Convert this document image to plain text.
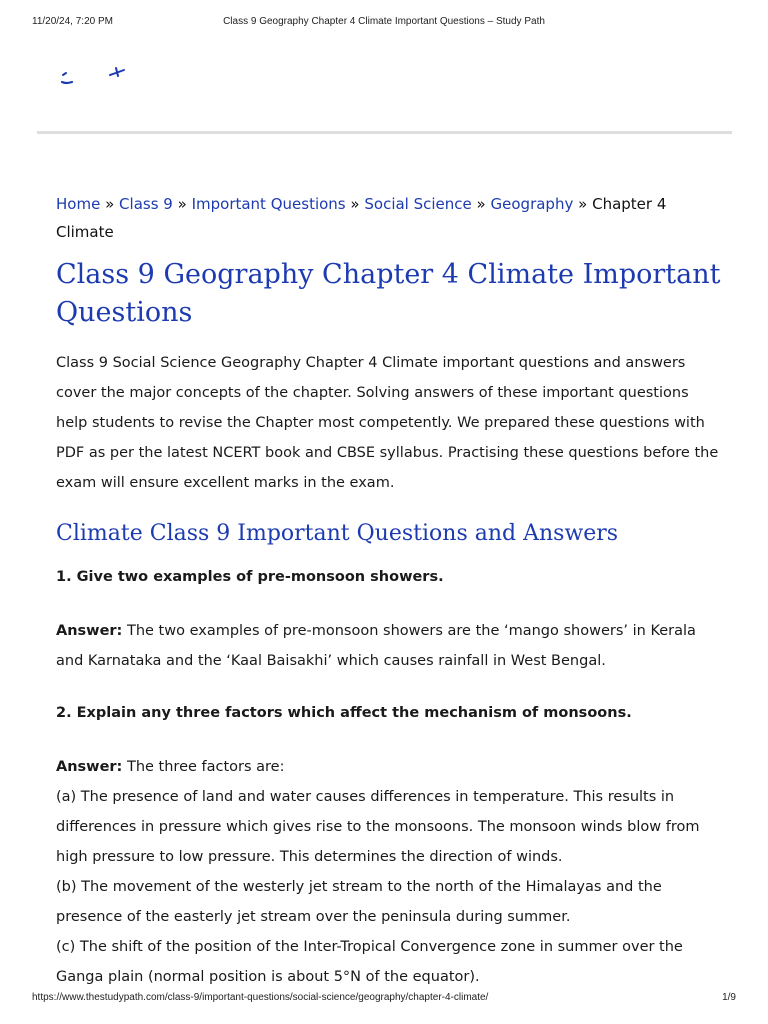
11/20/24, 7:20 PM	Class 9 Geography Chapter 4 Climate Important Questions – Study Path
Home » Class 9 » Important Questions » Social Science » Geography » Chapter 4 Climate
Class 9 Geography Chapter 4 Climate Important Questions

Class 9 Social Science Geography Chapter 4 Climate important questions and answers cover the major concepts of the chapter. Solving answers of these important questions help students to revise the Chapter most competently. We prepared these questions with PDF as per the latest NCERT book and CBSE syllabus. Practising these questions before the exam will ensure excellent marks in the exam.

Climate Class 9 Important Questions and Answers

1. Give two examples of pre-monsoon showers.

Answer: The two examples of pre-monsoon showers are the ‘mango showers’ in Kerala and Karnataka and the ‘Kaal Baisakhi’ which causes rainfall in West Bengal.

2. Explain any three factors which affect the mechanism of monsoons.

Answer: The three factors are:

(a) The presence of land and water causes differences in temperature. This results in differences in pressure which gives rise to the monsoons. The monsoon winds blow from high pressure to low pressure. This determines the direction of winds.

(b) The movement of the westerly jet stream to the north of the Himalayas and the presence of the easterly jet stream over the peninsula during summer.

(c) The shift of the position of the Inter-Tropical Convergence zone in summer over the Ganga plain (normal position is about 5°N of the equator).

https://www.thestudypath.com/class-9/important-questions/social-science/geography/chapter-4-climate/	1/9
